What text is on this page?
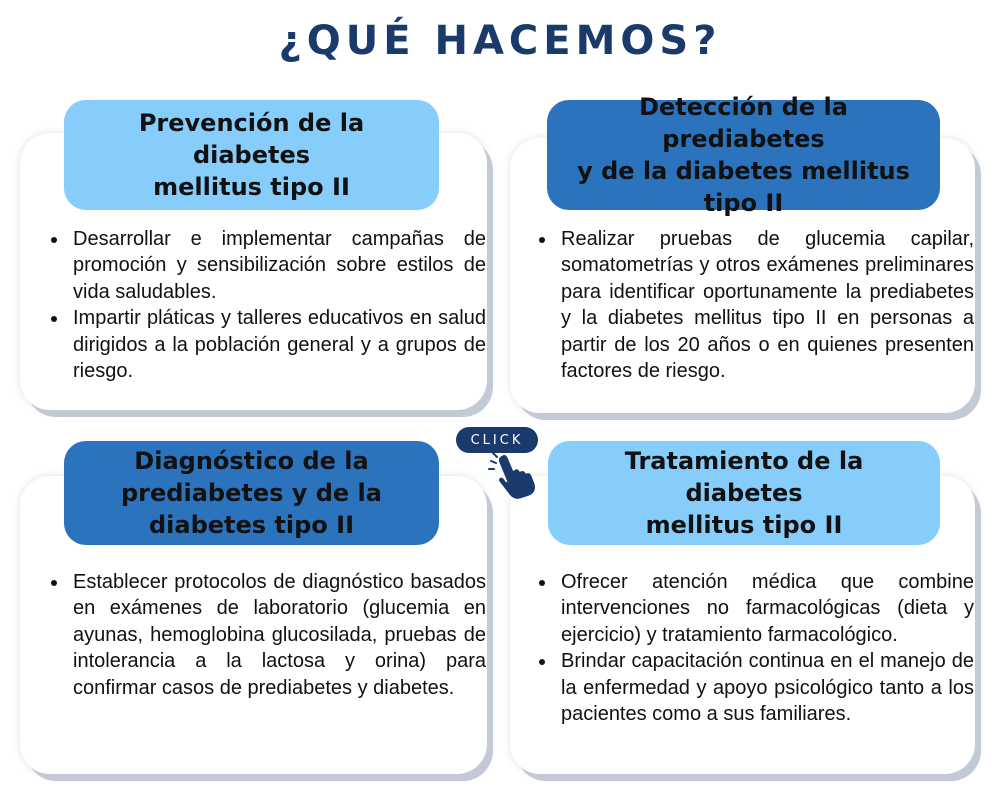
¿QUÉ HACEMOS?
Prevención de la diabetes
mellitus tipo II
• Desarrollar e implementar campañas de promoción y sensibilización sobre estilos de vida saludables.
• Impartir pláticas y talleres educativos en salud dirigidos a la población general y a grupos de riesgo.
Detección de la prediabetes
y de la diabetes mellitus
tipo II
• Realizar pruebas de glucemia capilar, somatometrías y otros exámenes preliminares para identificar oportunamente la prediabetes y la diabetes mellitus tipo II en personas a partir de los 20 años o en quienes presenten factores de riesgo.
Diagnóstico de la
prediabetes y de la
diabetes tipo II
• Establecer protocolos de diagnóstico basados en exámenes de laboratorio (glucemia en ayunas, hemoglobina glucosilada, pruebas de intolerancia a la lactosa y orina) para confirmar casos de prediabetes y diabetes.
Tratamiento de la diabetes
mellitus tipo II
• Ofrecer atención médica que combine intervenciones no farmacológicas (dieta y ejercicio) y tratamiento farmacológico.
• Brindar capacitación continua en el manejo de la enfermedad y apoyo psicológico tanto a los pacientes como a sus familiares.
CLICK
